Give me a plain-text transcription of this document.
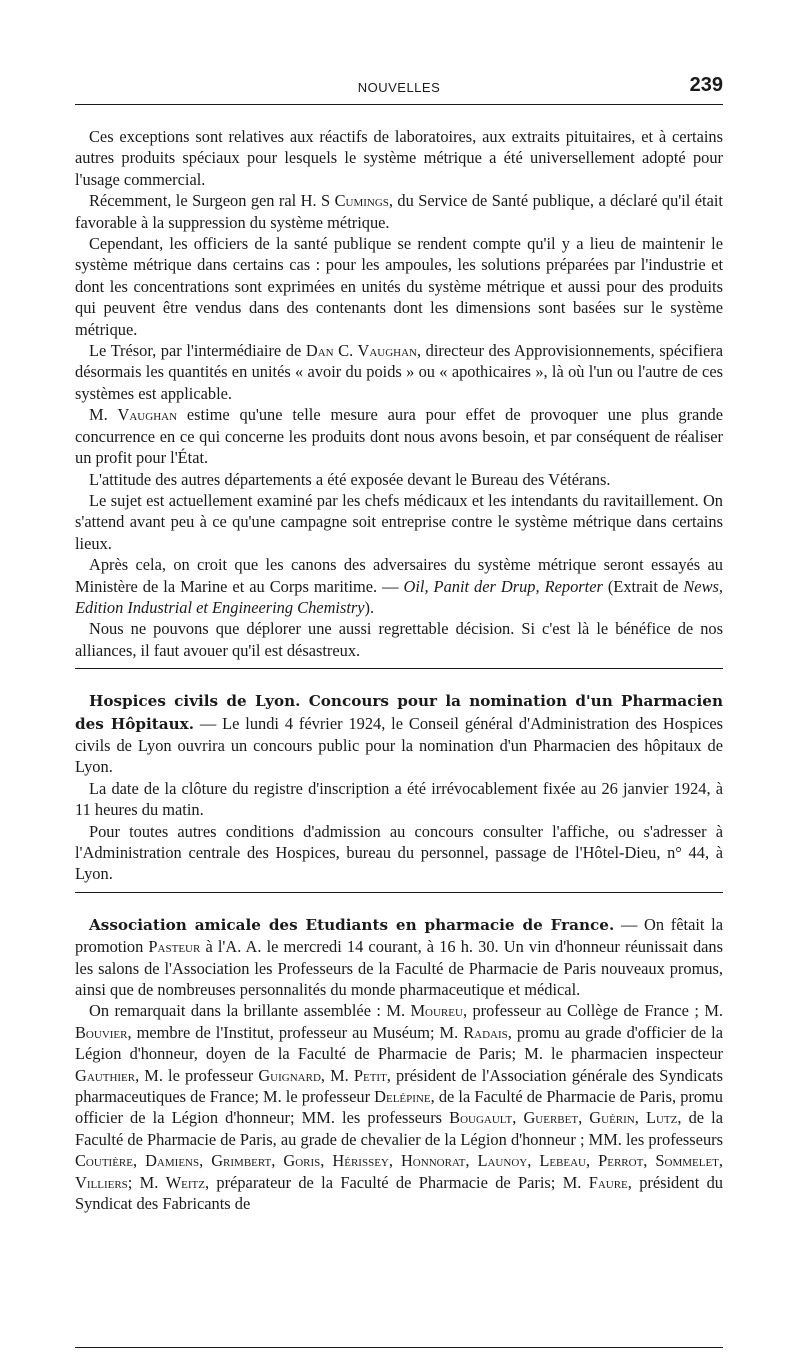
NOUVELLES	239

Ces exceptions sont relatives aux réactifs de laboratoires, aux extraits pituitaires, et à certains autres produits spéciaux pour lesquels le système métrique a été universellement adopté pour l'usage commercial.

Récemment, le Surgeon gen ral H. S Cumings, du Service de Santé publique, a déclaré qu'il était favorable à la suppression du système métrique.

Cependant, les officiers de la santé publique se rendent compte qu'il y a lieu de maintenir le système métrique dans certains cas : pour les ampoules, les solutions préparées par l'industrie et dont les concentrations sont exprimées en unités du système métrique et aussi pour des produits qui peuvent être vendus dans des contenants dont les dimensions sont basées sur le système métrique.

Le Trésor, par l'intermédiaire de Dan C. Vaughan, directeur des Approvisionnements, spécifiera désormais les quantités en unités « avoir du poids » ou « apothicaires », là où l'un ou l'autre de ces systèmes est applicable.

M. Vaughan estime qu'une telle mesure aura pour effet de provoquer une plus grande concurrence en ce qui concerne les produits dont nous avons besoin, et par conséquent de réaliser un profit pour l'État.

L'attitude des autres départements a été exposée devant le Bureau des Vétérans.

Le sujet est actuellement examiné par les chefs médicaux et les intendants du ravitaillement. On s'attend avant peu à ce qu'une campagne soit entreprise contre le système métrique dans certains lieux.

Après cela, on croit que les canons des adversaires du système métrique seront essayés au Ministère de la Marine et au Corps maritime. — Oil, Panit der Drup, Reporter (Extrait de News, Edition Industrial et Engineering Chemistry).

Nous ne pouvons que déplorer une aussi regrettable décision. Si c'est là le bénéfice de nos alliances, il faut avouer qu'il est désastreux.

Hospices civils de Lyon. Concours pour la nomination d'un Pharmacien des Hôpitaux. — Le lundi 4 février 1924, le Conseil général d'Administration des Hospices civils de Lyon ouvrira un concours public pour la nomination d'un Pharmacien des hôpitaux de Lyon.

La date de la clôture du registre d'inscription a été irrévocablement fixée au 26 janvier 1924, à 11 heures du matin.

Pour toutes autres conditions d'admission au concours consulter l'affiche, ou s'adresser à l'Administration centrale des Hospices, bureau du personnel, passage de l'Hôtel-Dieu, n° 44, à Lyon.

Association amicale des Etudiants en pharmacie de France. — On fêtait la promotion Pasteur à l'A. A. le mercredi 14 courant, à 16 h. 30. Un vin d'honneur réunissait dans les salons de l'Association les Professeurs de la Faculté de Pharmacie de Paris nouveaux promus, ainsi que de nombreuses personnalités du monde pharmaceutique et médical.

On remarquait dans la brillante assemblée : M. Moureu, professeur au Collège de France ; M. Bouvier, membre de l'Institut, professeur au Muséum; M. Radais, promu au grade d'officier de la Légion d'honneur, doyen de la Faculté de Pharmacie de Paris; M. le pharmacien inspecteur Gauthier, M. le professeur Guignard, M. Petit, président de l'Association générale des Syndicats pharmaceutiques de France; M. le professeur Delépine, de la Faculté de Pharmacie de Paris, promu officier de la Légion d'honneur; MM. les professeurs Bougault, Guerbet, Guérin, Lutz, de la Faculté de Pharmacie de Paris, au grade de chevalier de la Légion d'honneur ; MM. les professeurs Coutière, Damiens, Grimbert, Goris, Hérissey, Honnorat, Launoy, Lebeau, Perrot, Sommelet, Villiers; M. Weitz, préparateur de la Faculté de Pharmacie de Paris; M. Faure, président du Syndicat des Fabricants de
